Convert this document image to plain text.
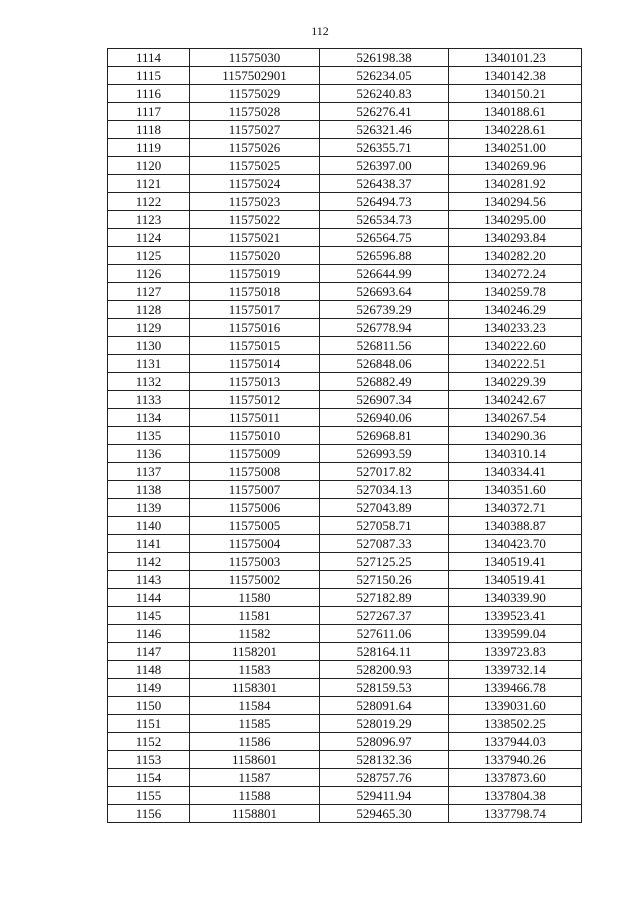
112
1114	11575030	526198.38	1340101.23
1115	1157502901	526234.05	1340142.38
1116	11575029	526240.83	1340150.21
1117	11575028	526276.41	1340188.61
1118	11575027	526321.46	1340228.61
1119	11575026	526355.71	1340251.00
1120	11575025	526397.00	1340269.96
1121	11575024	526438.37	1340281.92
1122	11575023	526494.73	1340294.56
1123	11575022	526534.73	1340295.00
1124	11575021	526564.75	1340293.84
1125	11575020	526596.88	1340282.20
1126	11575019	526644.99	1340272.24
1127	11575018	526693.64	1340259.78
1128	11575017	526739.29	1340246.29
1129	11575016	526778.94	1340233.23
1130	11575015	526811.56	1340222.60
1131	11575014	526848.06	1340222.51
1132	11575013	526882.49	1340229.39
1133	11575012	526907.34	1340242.67
1134	11575011	526940.06	1340267.54
1135	11575010	526968.81	1340290.36
1136	11575009	526993.59	1340310.14
1137	11575008	527017.82	1340334.41
1138	11575007	527034.13	1340351.60
1139	11575006	527043.89	1340372.71
1140	11575005	527058.71	1340388.87
1141	11575004	527087.33	1340423.70
1142	11575003	527125.25	1340519.41
1143	11575002	527150.26	1340519.41
1144	11580	527182.89	1340339.90
1145	11581	527267.37	1339523.41
1146	11582	527611.06	1339599.04
1147	1158201	528164.11	1339723.83
1148	11583	528200.93	1339732.14
1149	1158301	528159.53	1339466.78
1150	11584	528091.64	1339031.60
1151	11585	528019.29	1338502.25
1152	11586	528096.97	1337944.03
1153	1158601	528132.36	1337940.26
1154	11587	528757.76	1337873.60
1155	11588	529411.94	1337804.38
1156	1158801	529465.30	1337798.74
